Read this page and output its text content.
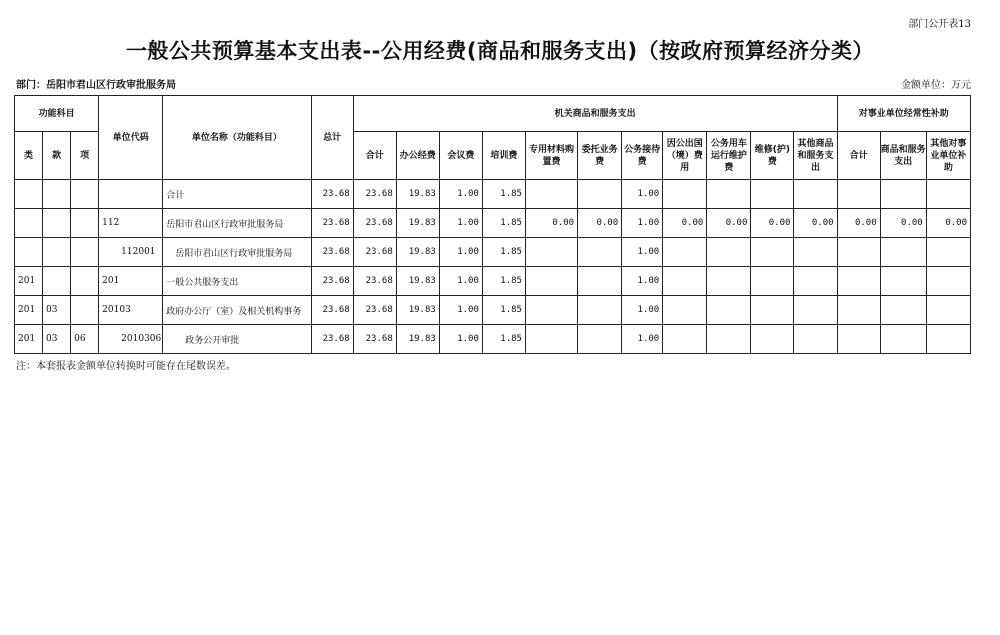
部门公开表13
一般公共预算基本支出表--公用经费(商品和服务支出)（按政府预算经济分类）
部门：岳阳市君山区行政审批服务局	金额单位：万元
功能科目			单位代码	单位名称（功能科目）	总计	机关商品和服务支出											对事业单位经常性补助		
类	款	项				合计	办公经费	会议费	培训费	专用材料购置费	委托业务费	公务接待费	因公出国（境）费用	公务用车运行维护费	维修(护)费	其他商品和服务支出	合计	商品和服务支出	其他对事业单位补助
				合计	23.68	23.68	19.83	1.00	1.85			1.00							
			112	岳阳市君山区行政审批服务局	23.68	23.68	19.83	1.00	1.85	0.00	0.00	1.00	0.00	0.00	0.00	0.00	0.00	0.00	0.00
			112001	岳阳市君山区行政审批服务局	23.68	23.68	19.83	1.00	1.85			1.00							
201			201	一般公共服务支出	23.68	23.68	19.83	1.00	1.85			1.00							
201	03		20103	政府办公厅（室）及相关机构事务	23.68	23.68	19.83	1.00	1.85			1.00							
201	03	06	2010306	政务公开审批	23.68	23.68	19.83	1.00	1.85			1.00							
注：本套报表金额单位转换时可能存在尾数误差。
